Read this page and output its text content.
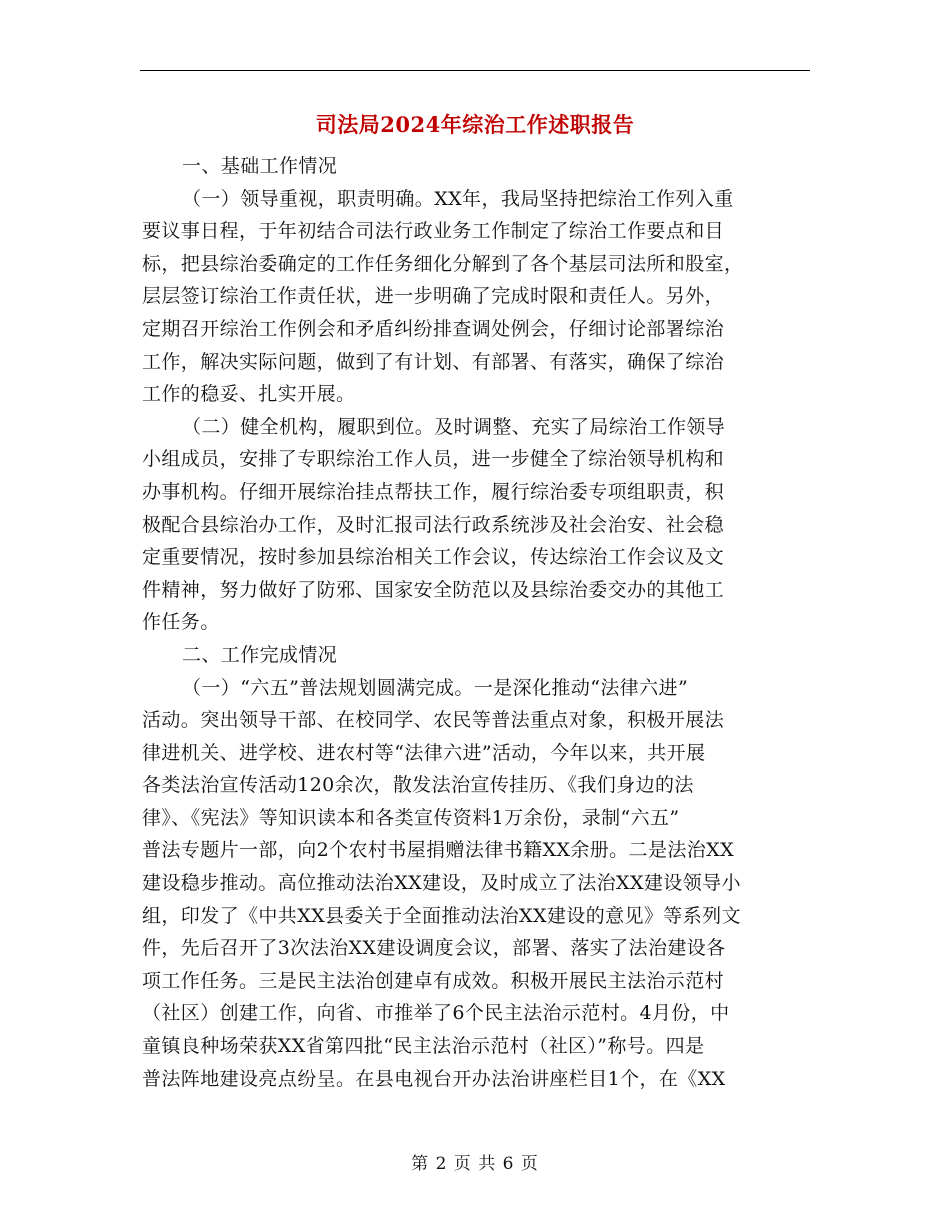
司法局2024年综治工作述职报告
一、基础工作情况
（一）领导重视，职责明确。XX年，我局坚持把综治工作列入重
要议事日程，于年初结合司法行政业务工作制定了综治工作要点和目
标，把县综治委确定的工作任务细化分解到了各个基层司法所和股室，
层层签订综治工作责任状，进一步明确了完成时限和责任人。另外，
定期召开综治工作例会和矛盾纠纷排查调处例会，仔细讨论部署综治
工作，解决实际问题，做到了有计划、有部署、有落实，确保了综治
工作的稳妥、扎实开展。
（二）健全机构，履职到位。及时调整、充实了局综治工作领导
小组成员，安排了专职综治工作人员，进一步健全了综治领导机构和
办事机构。仔细开展综治挂点帮扶工作，履行综治委专项组职责，积
极配合县综治办工作，及时汇报司法行政系统涉及社会治安、社会稳
定重要情况，按时参加县综治相关工作会议，传达综治工作会议及文
件精神，努力做好了防邪、国家安全防范以及县综治委交办的其他工
作任务。
二、工作完成情况
（一）“六五”普法规划圆满完成。一是深化推动“法律六进”
活动。突出领导干部、在校同学、农民等普法重点对象，积极开展法
律进机关、进学校、进农村等“法律六进”活动，今年以来，共开展
各类法治宣传活动120余次，散发法治宣传挂历、《我们身边的法
律》、《宪法》等知识读本和各类宣传资料1万余份，录制“六五”
普法专题片一部，向2个农村书屋捐赠法律书籍XX余册。二是法治XX
建设稳步推动。高位推动法治XX建设，及时成立了法治XX建设领导小
组，印发了《中共XX县委关于全面推动法治XX建设的意见》等系列文
件，先后召开了3次法治XX建设调度会议，部署、落实了法治建设各
项工作任务。三是民主法治创建卓有成效。积极开展民主法治示范村
（社区）创建工作，向省、市推举了6个民主法治示范村。4月份，中
童镇良种场荣获XX省第四批“民主法治示范村（社区）”称号。四是
普法阵地建设亮点纷呈。在县电视台开办法治讲座栏目1个，在《XX
第 2 页 共 6 页
